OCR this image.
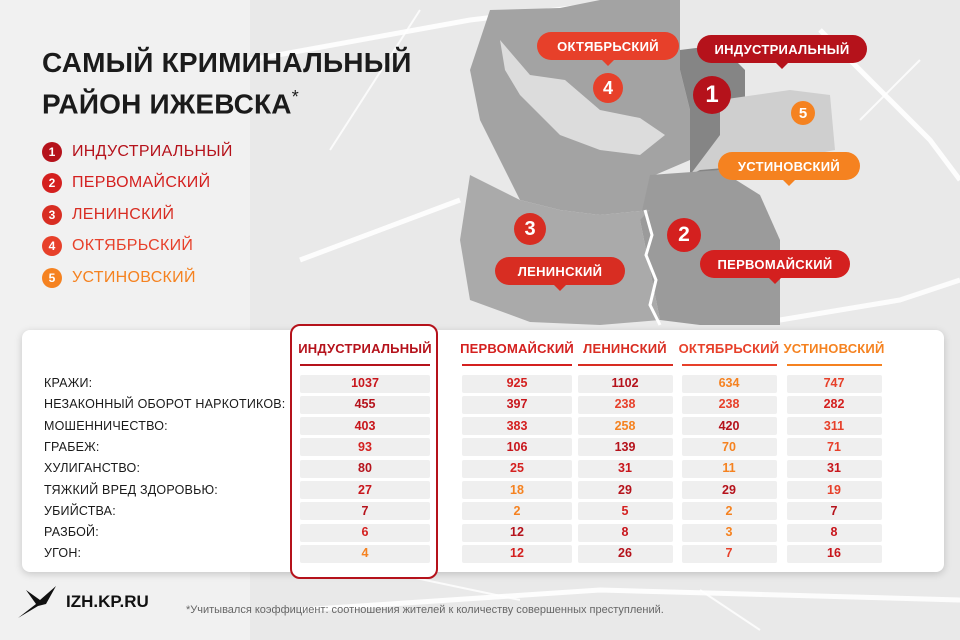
ОКТЯБРЬСКИЙ	ИНДУСТРИАЛЬНЫЙ
УСТИНОВСКИЙ
ЛЕНИНСКИЙ	ПЕРВОМАЙСКИЙ
1
2
3
4
5
САМЫЙ КРИМИНАЛЬНЫЙ
РАЙОН ИЖЕВСКА*
1	ИНДУСТРИАЛЬНЫЙ
2	ПЕРВОМАЙСКИЙ
3	ЛЕНИНСКИЙ
4	ОКТЯБРЬСКИЙ
5	УСТИНОВСКИЙ
ИНДУСТРИАЛЬНЫЙ	ПЕРВОМАЙСКИЙ ЛЕНИНСКИЙ ОКТЯБРЬСКИЙ УСТИНОВСКИЙ
КРАЖИ:	1037	925	1102	634	747
НЕЗАКОННЫЙ ОБОРОТ НАРКОТИКОВ:	455	397	238	238	282
МОШЕННИЧЕСТВО:	403	383	258	420	311
ГРАБЕЖ:	93	106	139	70	71
ХУЛИГАНСТВО:	80	25	31	11	31
ТЯЖКИЙ ВРЕД ЗДОРОВЬЮ:	27	18	29	29	19
УБИЙСТВА:	7	2	5	2	7
РАЗБОЙ:	6	12	8	3	8
УГОН:	4	12	26	7	16
IZH.KP.RU	*Учитывался коэффициент: соотношения жителей к количеству совершенных преступлений.
